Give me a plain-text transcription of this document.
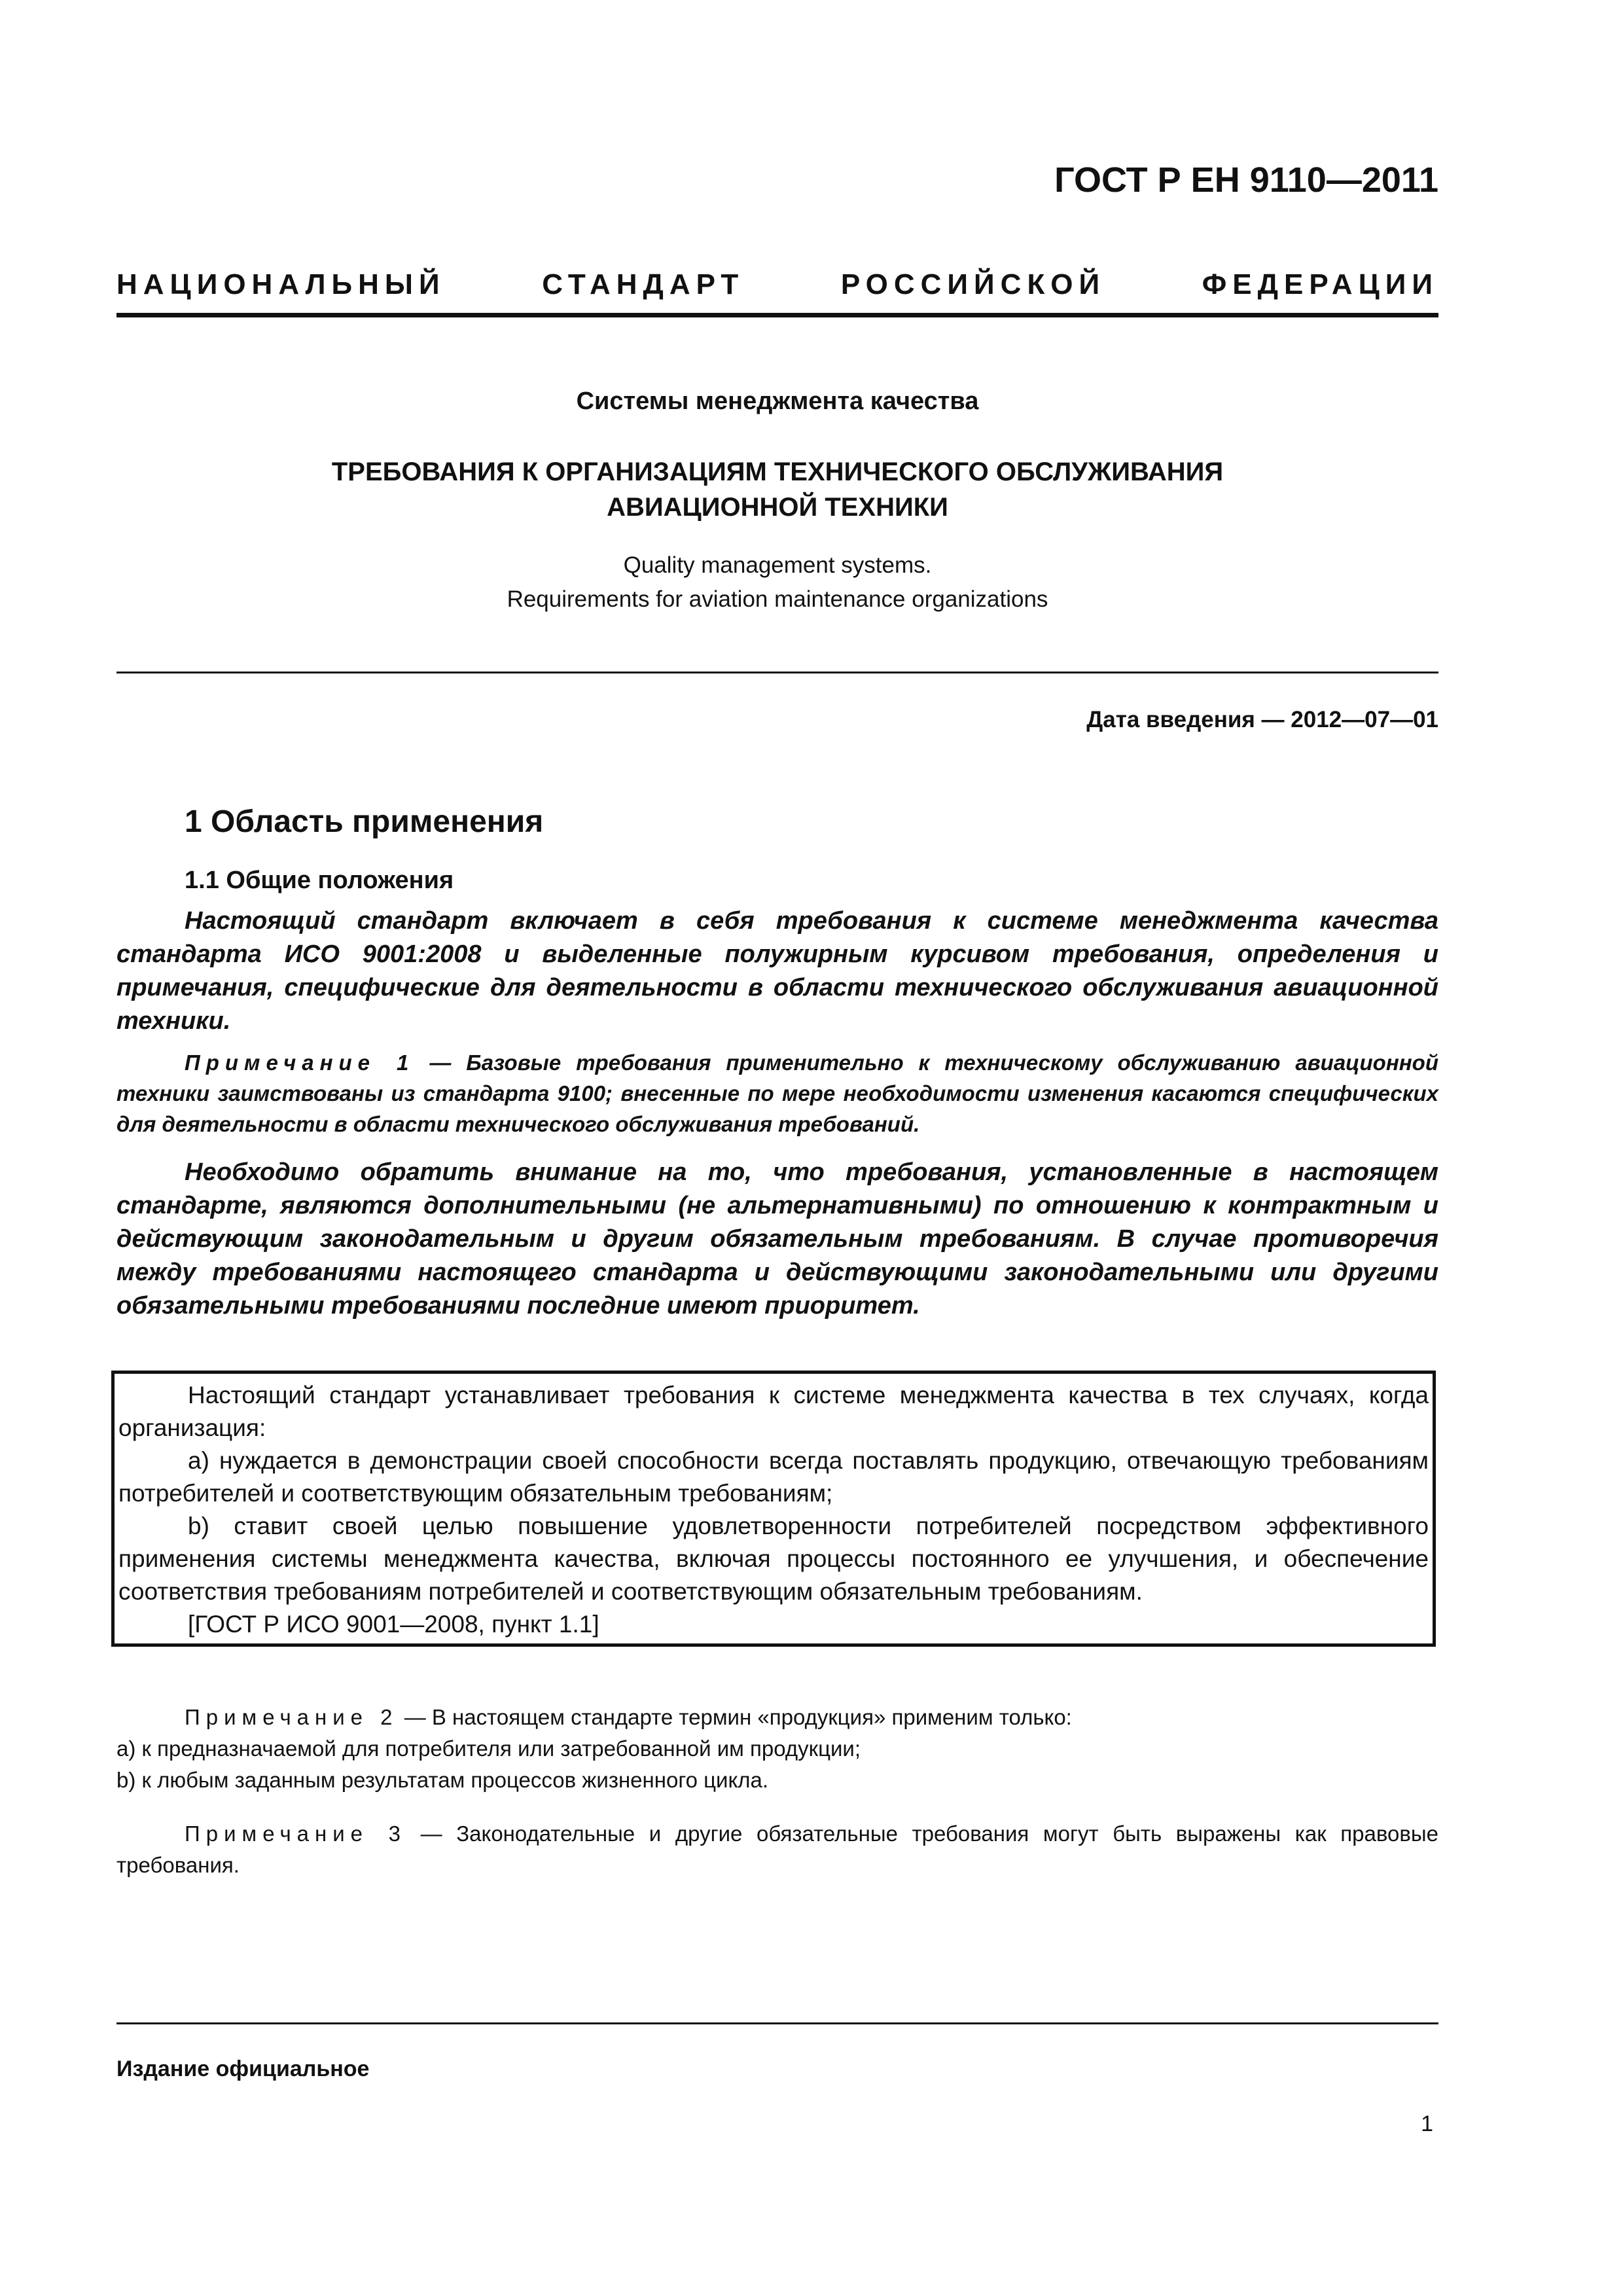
ГОСТ Р ЕН 9110—2011
НАЦИОНАЛЬНЫЙ	СТАНДАРТ	РОССИЙСКОЙ	ФЕДЕРАЦИИ
Системы менеджмента качества
ТРЕБОВАНИЯ К ОРГАНИЗАЦИЯМ ТЕХНИЧЕСКОГО ОБСЛУЖИВАНИЯ
АВИАЦИОННОЙ ТЕХНИКИ
Quality management systems.
Requirements for aviation maintenance organizations
Дата введения — 2012—07—01
1 Область применения
1.1 Общие положения
Настоящий стандарт включает в себя требования к системе менеджмента качества стандарта ИСО 9001:2008 и выделенные полужирным курсивом требования, определения и примечания, специфические для деятельности в области технического обслуживания авиационной техники.
Примечание 1 — Базовые требования применительно к техническому обслуживанию авиационной техники заимствованы из стандарта 9100; внесенные по мере необходимости изменения касаются специфических для деятельности в области технического обслуживания требований.
Необходимо обратить внимание на то, что требования, установленные в настоящем стандарте, являются дополнительными (не альтернативными) по отношению к контрактным и действующим законодательным и другим обязательным требованиям. В случае противоречия между требованиями настоящего стандарта и действующими законодательными или другими обязательными требованиями последние имеют приоритет.

Настоящий стандарт устанавливает требования к системе менеджмента качества в тех случаях, когда организация:

a) нуждается в демонстрации своей способности всегда поставлять продукцию, отвечающую требованиям потребителей и соответствующим обязательным требованиям;

b) ставит своей целью повышение удовлетворенности потребителей посредством эффективного применения системы менеджмента качества, включая процессы постоянного ее улучшения, и обеспечение соответствия требованиям потребителей и соответствующим обязательным требованиям.

[ГОСТ Р ИСО 9001—2008, пункт 1.1]

Примечание 2 — В настоящем стандарте термин «продукция» применим только:

a) к предназначаемой для потребителя или затребованной им продукции;

b) к любым заданным результатам процессов жизненного цикла.

Примечание 3 — Законодательные и другие обязательные требования могут быть выражены как правовые требования.

Издание официальное
1
